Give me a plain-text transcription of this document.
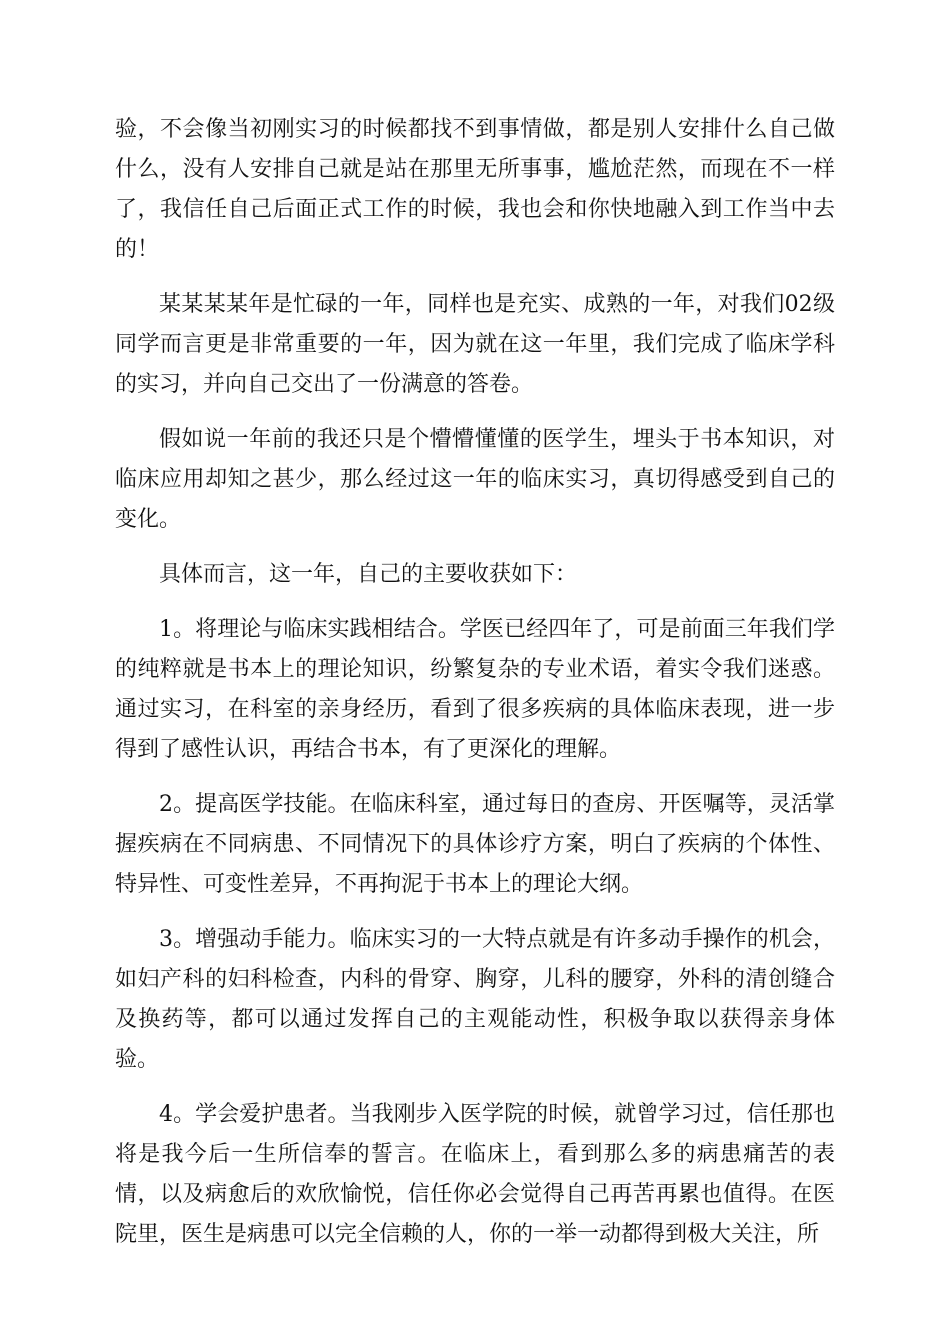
验，不会像当初刚实习的时候都找不到事情做，都是别人安排什么自己做什么，没有人安排自己就是站在那里无所事事，尴尬茫然，而现在不一样了，我信任自己后面正式工作的时候，我也会和你快地融入到工作当中去的！

某某某某年是忙碌的一年，同样也是充实、成熟的一年，对我们02级同学而言更是非常重要的一年，因为就在这一年里，我们完成了临床学科的实习，并向自己交出了一份满意的答卷。

假如说一年前的我还只是个懵懵懂懂的医学生，埋头于书本知识，对临床应用却知之甚少，那么经过这一年的临床实习，真切得感受到自己的变化。

具体而言，这一年，自己的主要收获如下：

1。将理论与临床实践相结合。学医已经四年了，可是前面三年我们学的纯粹就是书本上的理论知识，纷繁复杂的专业术语，着实令我们迷惑。通过实习，在科室的亲身经历，看到了很多疾病的具体临床表现，进一步得到了感性认识，再结合书本，有了更深化的理解。

2。提高医学技能。在临床科室，通过每日的查房、开医嘱等，灵活掌握疾病在不同病患、不同情况下的具体诊疗方案，明白了疾病的个体性、特异性、可变性差异，不再拘泥于书本上的理论大纲。

3。增强动手能力。临床实习的一大特点就是有许多动手操作的机会，如妇产科的妇科检查，内科的骨穿、胸穿，儿科的腰穿，外科的清创缝合及换药等，都可以通过发挥自己的主观能动性，积极争取以获得亲身体验。

4。学会爱护患者。当我刚步入医学院的时候，就曾学习过，信任那也将是我今后一生所信奉的誓言。在临床上，看到那么多的病患痛苦的表情，以及病愈后的欢欣愉悦，信任你必会觉得自己再苦再累也值得。在医院里，医生是病患可以完全信赖的人，你的一举一动都得到极大关注，所
